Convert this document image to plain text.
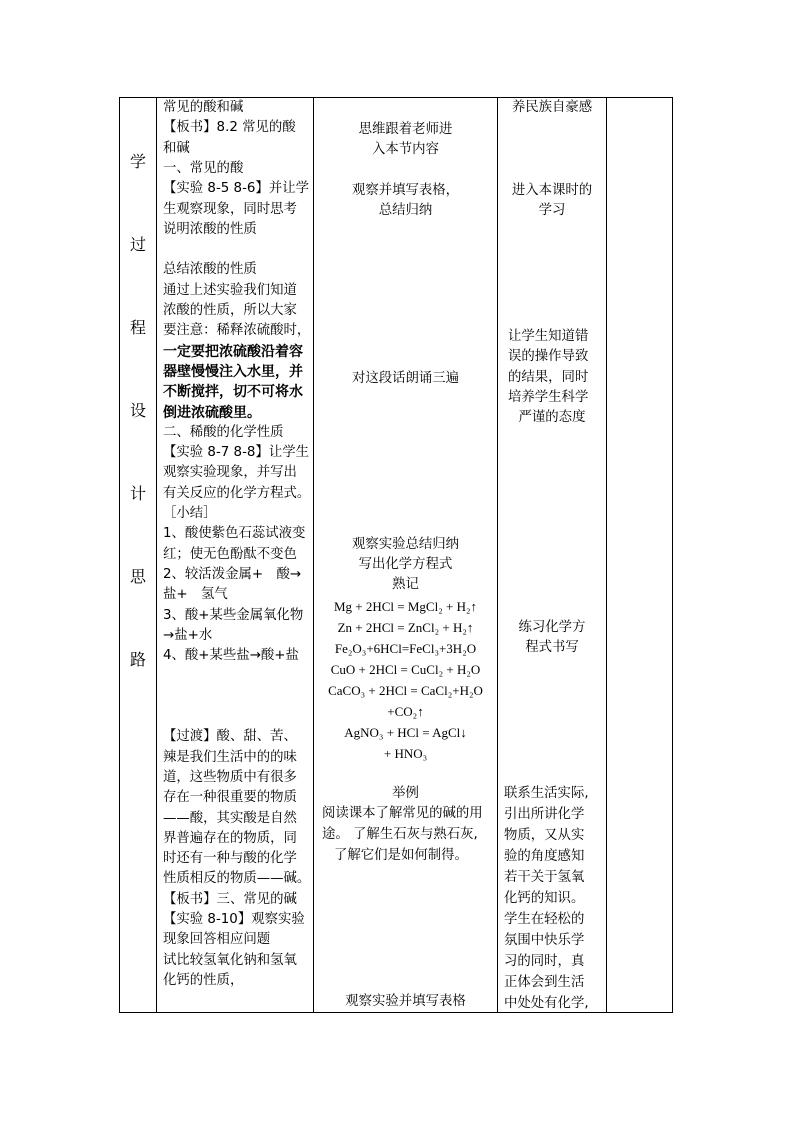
学
过
程
设
计
思
路
常见的酸和碱
【板书】8.2 常见的酸
和碱
一、常见的酸
【实验 8-5 8-6】并让学
生观察现象，同时思考
说明浓酸的性质
总结浓酸的性质
通过上述实验我们知道
浓酸的性质，所以大家
要注意：稀释浓硫酸时，
一定要把浓硫酸沿着容
器壁慢慢注入水里，并
不断搅拌，切不可将水
倒进浓硫酸里。
二、稀酸的化学性质
【实验 8-7 8-8】让学生
观察实验现象，并写出
有关反应的化学方程式。
［小结］
1、酸使紫色石蕊试液变
红；使无色酚酞不变色
2、较活泼金属+　酸→
盐+　氢气
3、酸+某些金属氧化物
→盐+水
4、酸+某些盐→酸+盐
【过渡】酸、甜、苦、
辣是我们生活中的的味
道，这些物质中有很多
存在一种很重要的物质
——酸，其实酸是自然
界普遍存在的物质，同
时还有一种与酸的化学
性质相反的物质——碱。
【板书】三、常见的碱
【实验 8-10】观察实验
现象回答相应问题
试比较氢氧化钠和氢氧
化钙的性质，
思维跟着老师进
入本节内容
观察并填写表格，
总结归纳
对这段话朗诵三遍
观察实验总结归纳
写出化学方程式
熟记
Mg + 2HCl = MgCl₂ + H₂↑
Zn + 2HCl = ZnCl₂ + H₂↑
Fe₂O₃+6HCl=FeCl₃+3H₂O
CuO + 2HCl = CuCl₂ + H₂O
CaCO₃ + 2HCl = CaCl₂+H₂O
+CO₂↑
AgNO₃ + HCl = AgCl↓
+ HNO₃
举例
阅读课本了解常见的碱的用
途。 了解生石灰与熟石灰,
了解它们是如何制得。
观察实验并填写表格
养民族自豪感
进入本课时的
学习
让学生知道错
误的操作导致
的结果，同时
培养学生科学
严谨的态度
练习化学方
程式书写
联系生活实际,
引出所讲化学
物质，又从实
验的角度感知
若干关于氢氧
化钙的知识。
学生在轻松的
氛围中快乐学
习的同时，真
正体会到生活
中处处有化学,
